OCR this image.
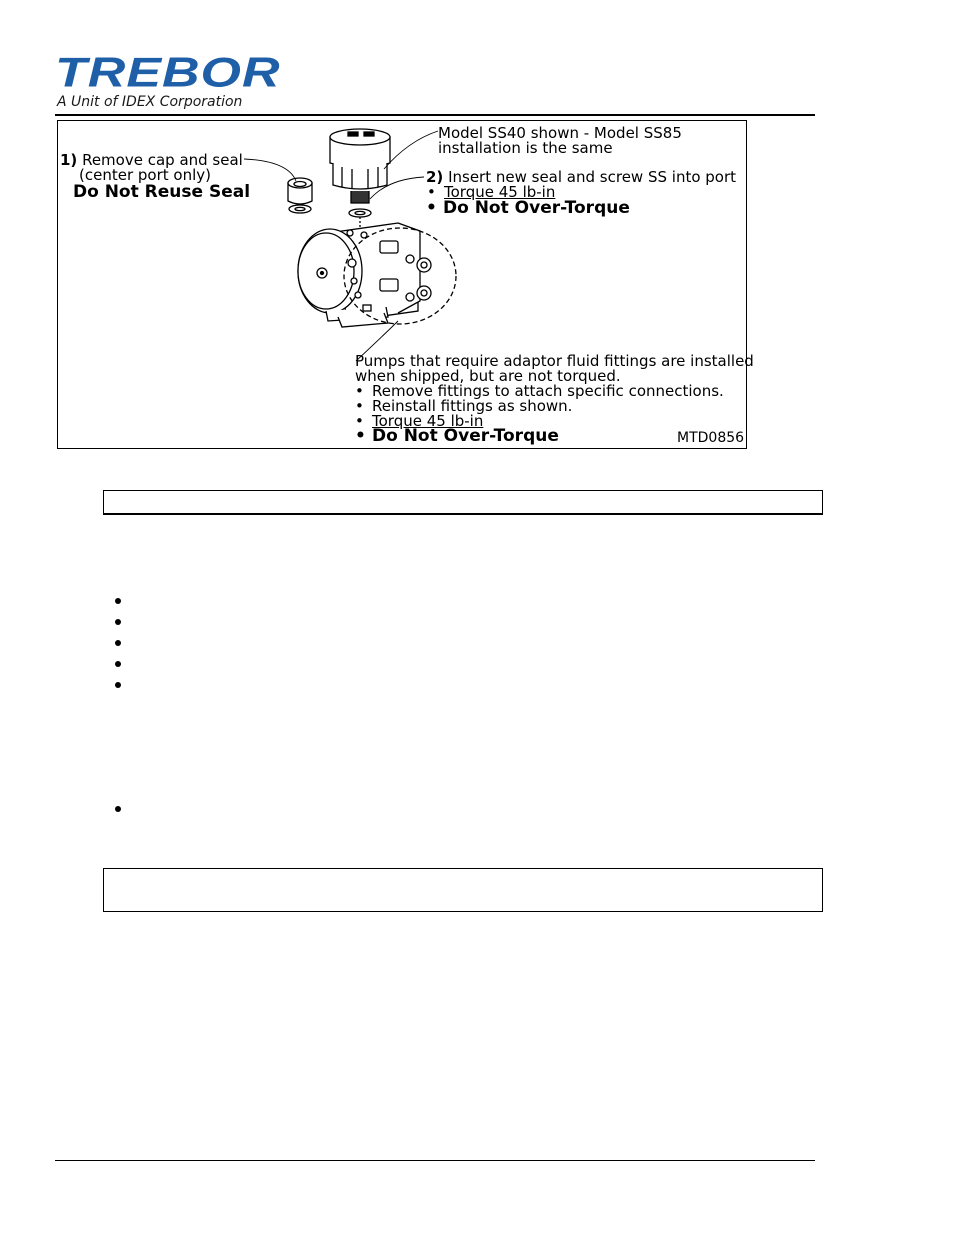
TREBOR
A Unit of IDEX Corporation
Model SS40 shown - Model SS85
installation is the same
1) Remove cap and seal
(center port only)
Do Not Reuse Seal
2) Insert new seal and screw SS into port
• Torque 45 lb-in
• Do Not Over-Torque
Pumps that require adaptor fluid fittings are installed
when shipped, but are not torqued.
• Remove fittings to attach specific connections.
• Reinstall fittings as shown.
• Torque 45 lb-in
• Do Not Over-Torque	MTD0856
